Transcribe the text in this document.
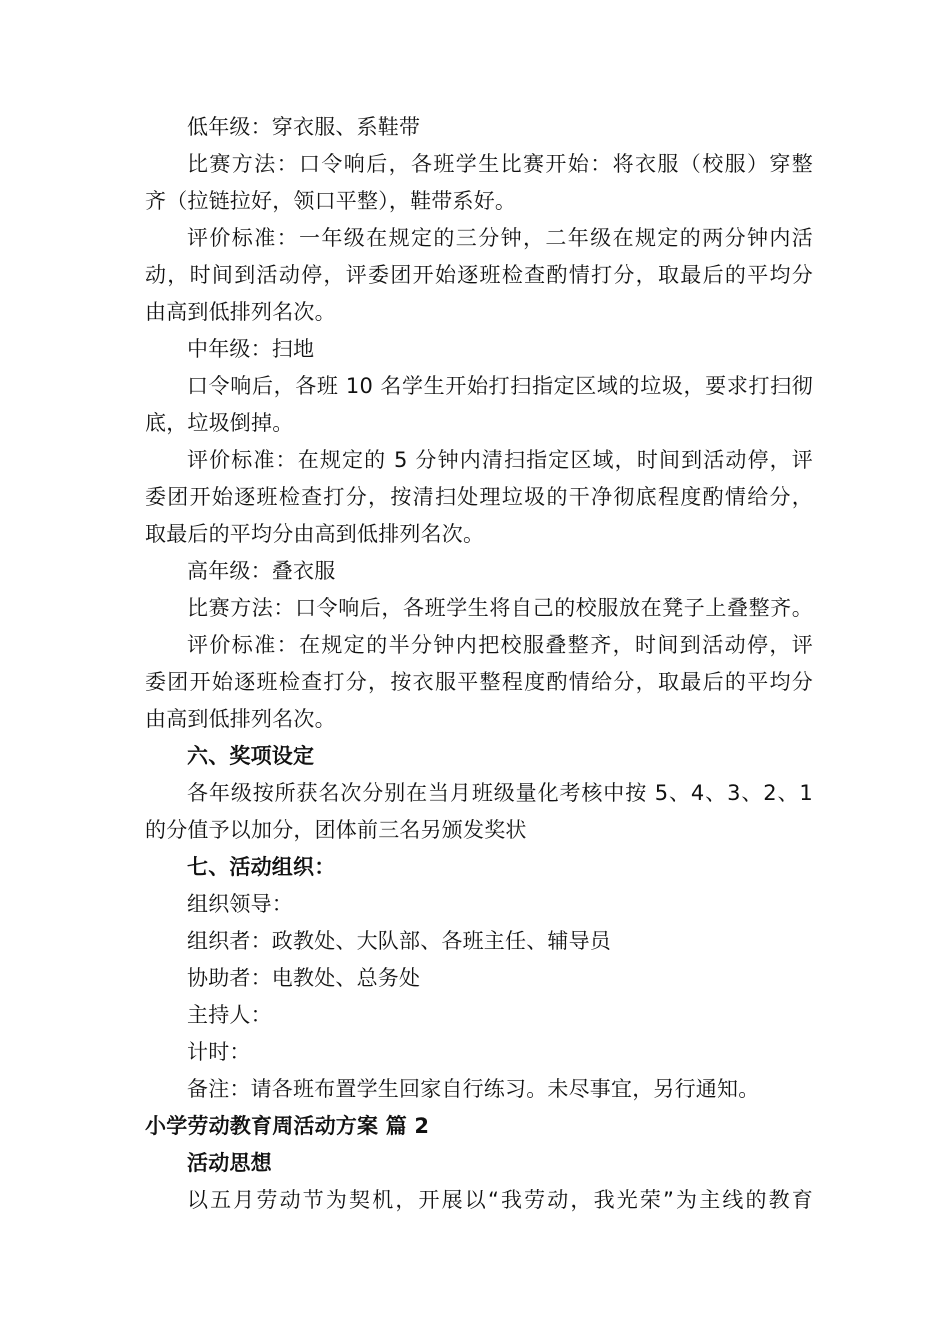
低年级：穿衣服、系鞋带
比赛方法：口令响后，各班学生比赛开始：将衣服（校服）穿整
齐（拉链拉好，领口平整），鞋带系好。
评价标准：一年级在规定的三分钟，二年级在规定的两分钟内活
动，时间到活动停，评委团开始逐班检查酌情打分，取最后的平均分
由高到低排列名次。
中年级：扫地
口令响后，各班 10 名学生开始打扫指定区域的垃圾，要求打扫彻
底，垃圾倒掉。
评价标准：在规定的 5 分钟内清扫指定区域，时间到活动停，评
委团开始逐班检查打分，按清扫处理垃圾的干净彻底程度酌情给分，
取最后的平均分由高到低排列名次。
高年级：叠衣服
比赛方法：口令响后，各班学生将自己的校服放在凳子上叠整齐。
评价标准：在规定的半分钟内把校服叠整齐，时间到活动停，评
委团开始逐班检查打分，按衣服平整程度酌情给分，取最后的平均分
由高到低排列名次。
六、奖项设定
各年级按所获名次分别在当月班级量化考核中按 5、4、3、2、1
的分值予以加分，团体前三名另颁发奖状
七、活动组织：
组织领导：
组织者：政教处、大队部、各班主任、辅导员
协助者：电教处、总务处
主持人：
计时：
备注：请各班布置学生回家自行练习。未尽事宜，另行通知。
小学劳动教育周活动方案 篇 2
活动思想
以五月劳动节为契机，开展以“我劳动，我光荣”为主线的教育
